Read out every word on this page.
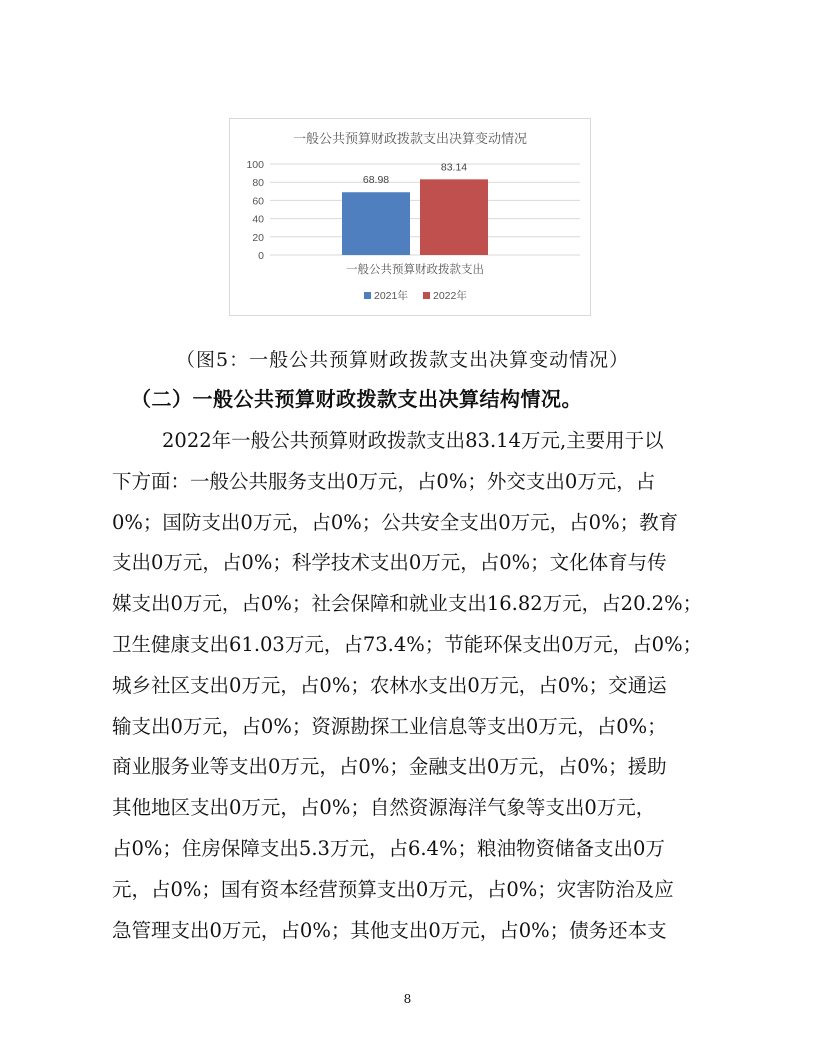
一般公共预算财政拨款支出决算变动情况
0
20
40
60
80
100
68.98
83.14
一般公共预算财政拨款支出
2021年 2022年
（图5：一般公共预算财政拨款支出决算变动情况）
（二）一般公共预算财政拨款支出决算结构情况。
2022年一般公共预算财政拨款支出83.14万元,主要用于以
下方面：一般公共服务支出0万元，占0%；外交支出0万元，占
0%；国防支出0万元，占0%；公共安全支出0万元，占0%；教育
支出0万元，占0%；科学技术支出0万元，占0%；文化体育与传
媒支出0万元，占0%；社会保障和就业支出16.82万元，占20.2%；
卫生健康支出61.03万元，占73.4%；节能环保支出0万元，占0%；
城乡社区支出0万元，占0%；农林水支出0万元，占0%；交通运
输支出0万元，占0%；资源勘探工业信息等支出0万元，占0%；
商业服务业等支出0万元，占0%；金融支出0万元，占0%；援助
其他地区支出0万元，占0%；自然资源海洋气象等支出0万元，
占0%；住房保障支出5.3万元，占6.4%；粮油物资储备支出0万
元，占0%；国有资本经营预算支出0万元，占0%；灾害防治及应
急管理支出0万元，占0%；其他支出0万元，占0%；债务还本支
8
